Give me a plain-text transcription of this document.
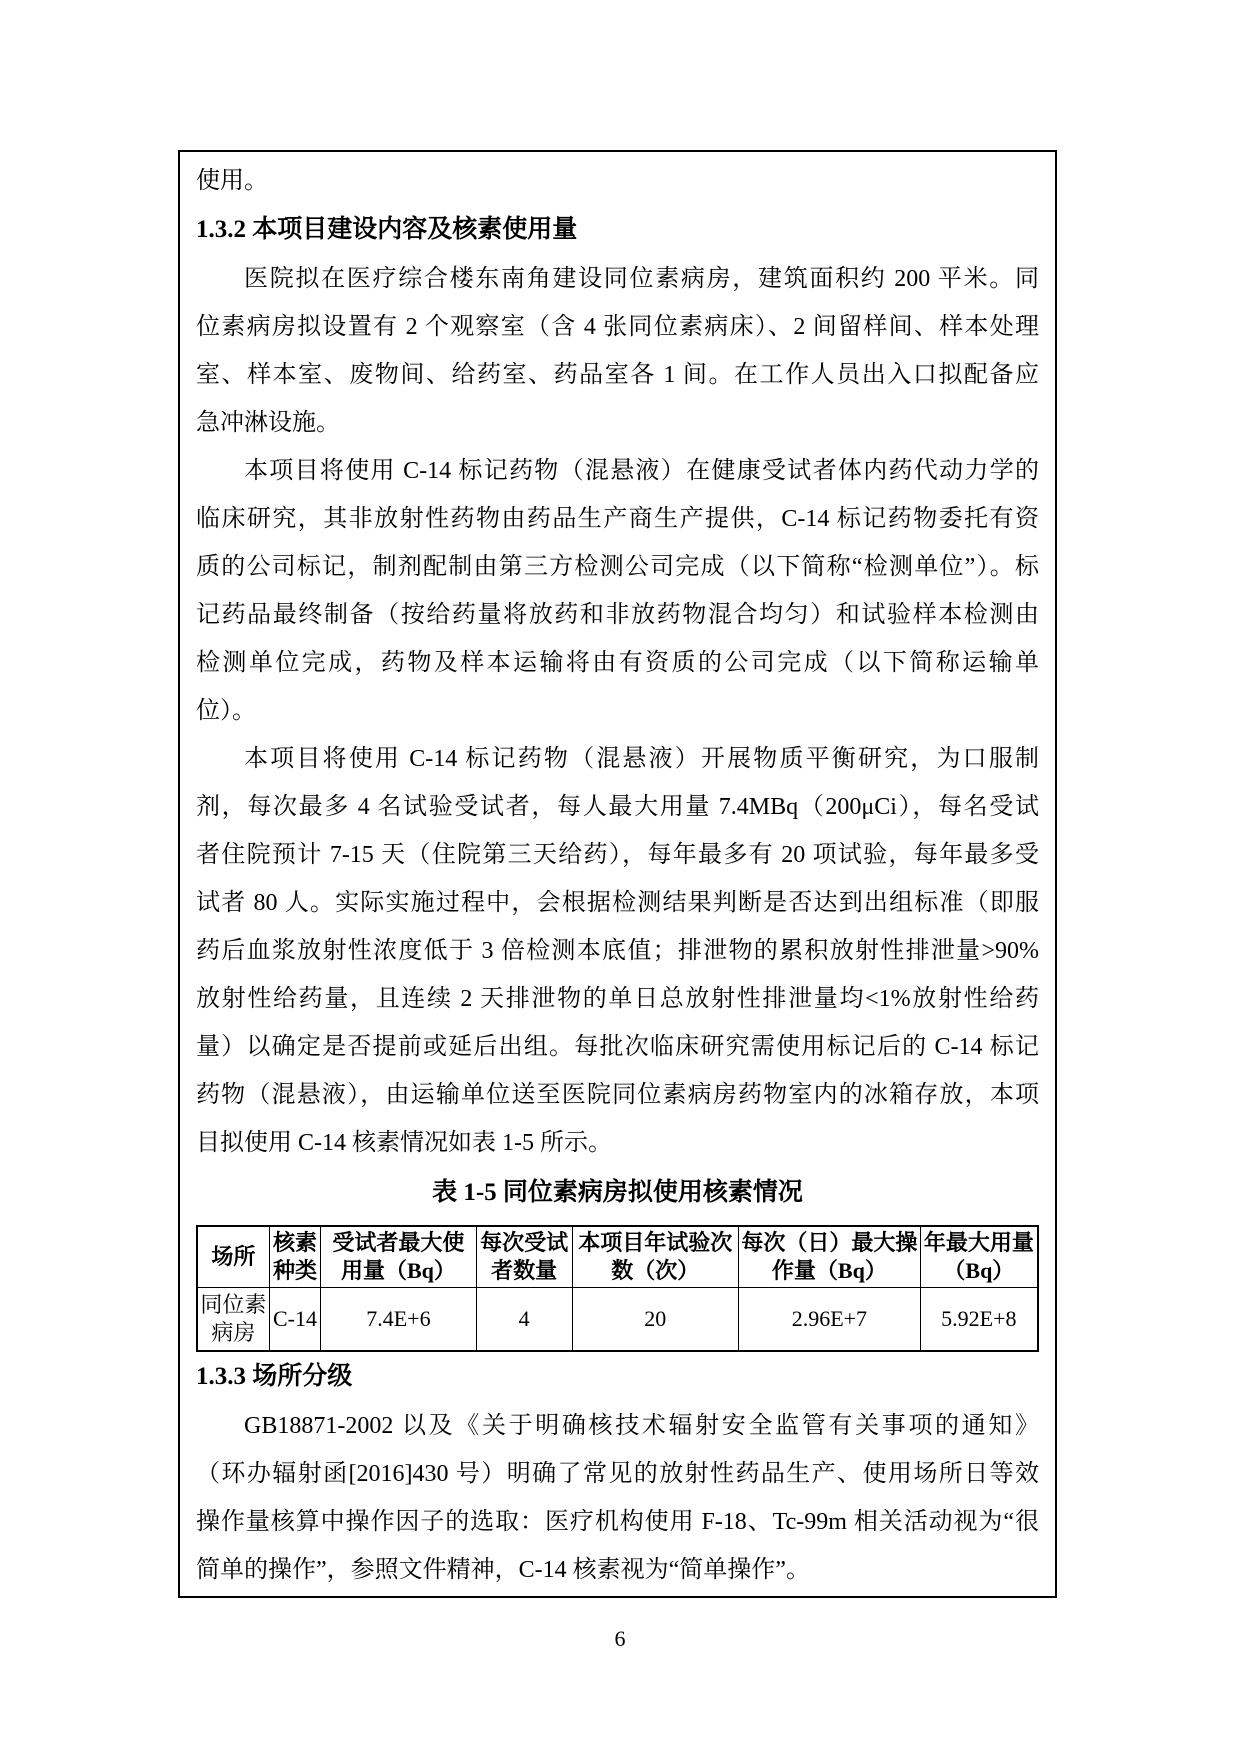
使用。
1.3.2 本项目建设内容及核素使用量
医院拟在医疗综合楼东南角建设同位素病房，建筑面积约 200 平米。同
位素病房拟设置有 2 个观察室（含 4 张同位素病床）、2 间留样间、样本处理
室、样本室、废物间、给药室、药品室各 1 间。在工作人员出入口拟配备应
急冲淋设施。
本项目将使用 C-14 标记药物（混悬液）在健康受试者体内药代动力学的
临床研究，其非放射性药物由药品生产商生产提供，C-14 标记药物委托有资
质的公司标记，制剂配制由第三方检测公司完成（以下简称“检测单位”）。标
记药品最终制备（按给药量将放药和非放药物混合均匀）和试验样本检测由
检测单位完成，药物及样本运输将由有资质的公司完成（以下简称运输单
位）。
本项目将使用 C-14 标记药物（混悬液）开展物质平衡研究，为口服制
剂，每次最多 4 名试验受试者，每人最大用量 7.4MBq（200μCi），每名受试
者住院预计 7-15 天（住院第三天给药），每年最多有 20 项试验，每年最多受
试者 80 人。实际实施过程中，会根据检测结果判断是否达到出组标准（即服
药后血浆放射性浓度低于 3 倍检测本底值；排泄物的累积放射性排泄量>90%
放射性给药量，且连续 2 天排泄物的单日总放射性排泄量均<1%放射性给药
量）以确定是否提前或延后出组。每批次临床研究需使用标记后的 C-14 标记
药物（混悬液），由运输单位送至医院同位素病房药物室内的冰箱存放，本项
目拟使用 C-14 核素情况如表 1-5 所示。
表 1-5 同位素病房拟使用核素情况
场所	核素种类	受试者最大使用量（Bq）	每次受试者数量	本项目年试验次数（次）	每次（日）最大操作量（Bq）	年最大用量（Bq）
同位素病房	C-14	7.4E+6	4	20	2.96E+7	5.92E+8
1.3.3 场所分级
GB18871-2002 以及《关于明确核技术辐射安全监管有关事项的通知》
（环办辐射函[2016]430 号）明确了常见的放射性药品生产、使用场所日等效
操作量核算中操作因子的选取：医疗机构使用 F-18、Tc-99m 相关活动视为“很
简单的操作”，参照文件精神，C-14 核素视为“简单操作”。
6
